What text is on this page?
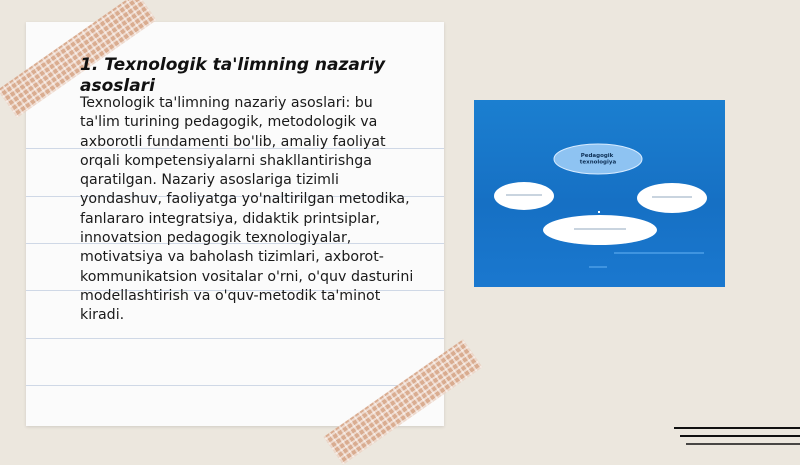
1. Texnologik ta'limning nazariy asoslari

Texnologik ta'limning nazariy asoslari: bu ta'lim turining pedagogik, metodologik va axborotli fundamenti bo'lib, amaliy faoliyat orqali kompetensiyalarni shakllantirishga qaratilgan. Nazariy asoslariga tizimli yondashuv, faoliyatga yo'naltirilgan metodika, fanlararo integratsiya, didaktik printsiplar, innovatsion pedagogik texnologiyalar, motivatsiya va baholash tizimlari, axborot-kommunikatsion vositalar o'rni, o'quv dasturini modellashtirish va o'quv-metodik ta'minot kiradi.

Pedagogik texnologiya
